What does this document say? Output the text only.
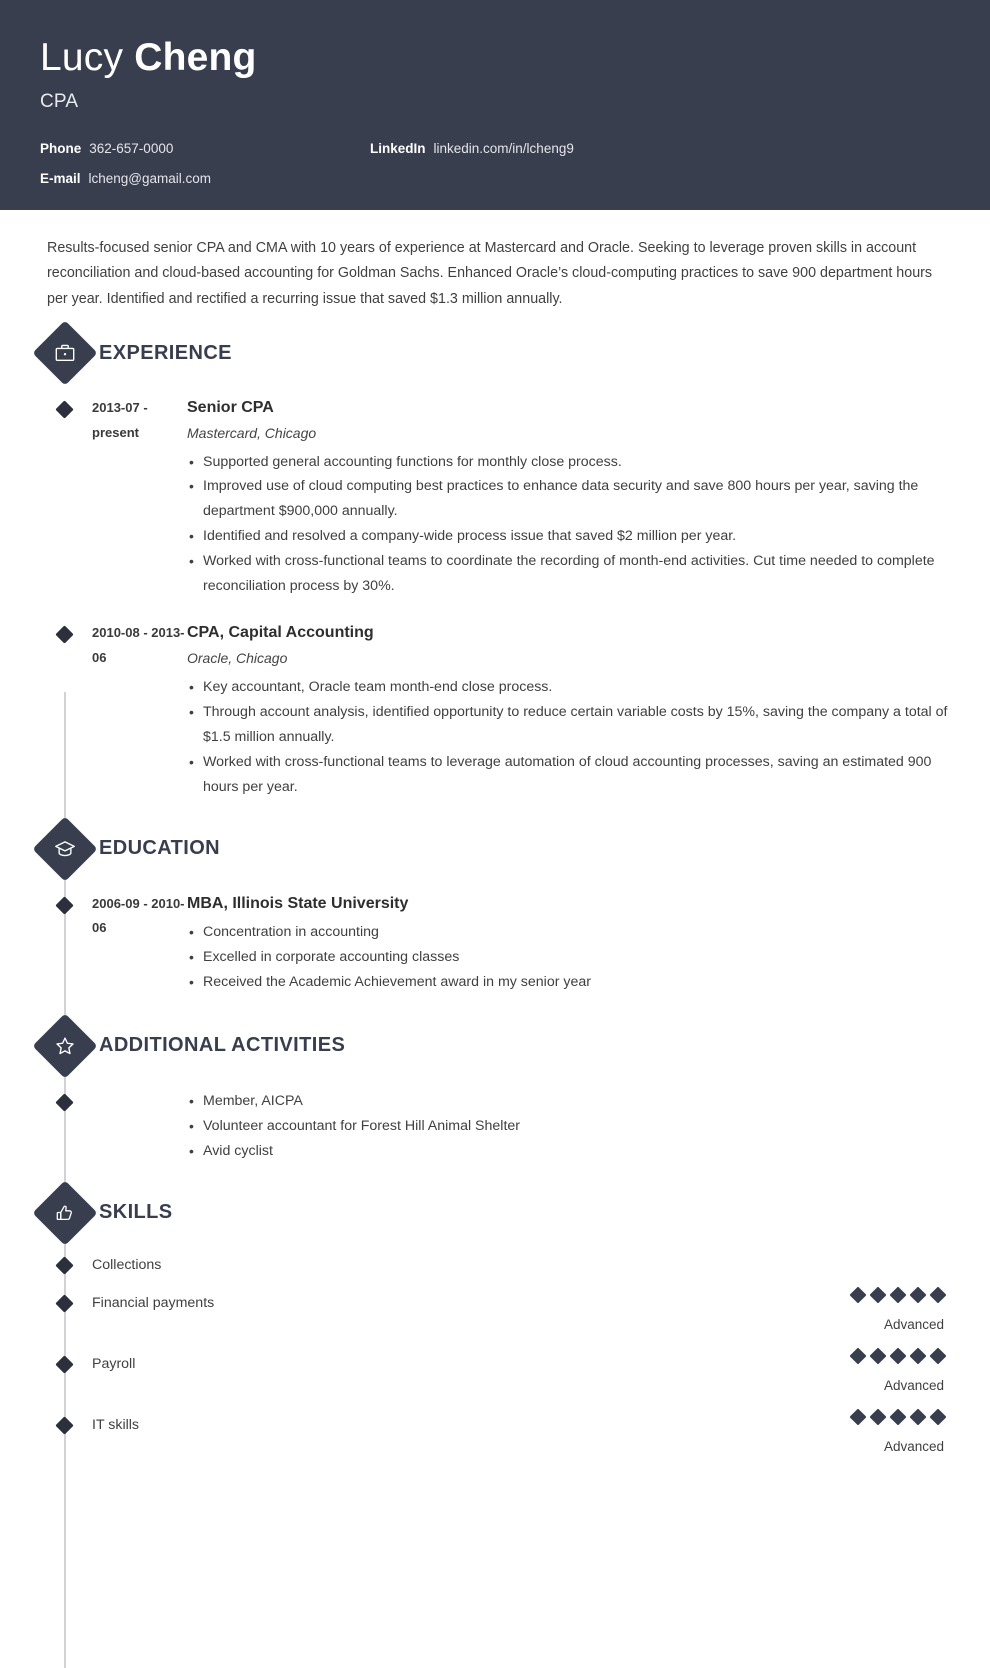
Lucy Cheng
CPA
Phone 362-657-0000	LinkedIn linkedin.com/in/lcheng9
E-mail lcheng@gamail.com
Results-focused senior CPA and CMA with 10 years of experience at Mastercard and Oracle. Seeking to leverage proven skills in account reconciliation and cloud-based accounting for Goldman Sachs. Enhanced Oracle’s cloud-computing practices to save 900 department hours per year. Identified and rectified a recurring issue that saved $1.3 million annually.
EXPERIENCE
2013-07 - present
Senior CPA
Mastercard, Chicago
• Supported general accounting functions for monthly close process.
• Improved use of cloud computing best practices to enhance data security and save 800 hours per year, saving the department $900,000 annually.
• Identified and resolved a company-wide process issue that saved $2 million per year.
• Worked with cross-functional teams to coordinate the recording of month-end activities. Cut time needed to complete reconciliation process by 30%.
2010-08 - 2013-06
CPA, Capital Accounting
Oracle, Chicago
• Key accountant, Oracle team month-end close process.
• Through account analysis, identified opportunity to reduce certain variable costs by 15%, saving the company a total of $1.5 million annually.
• Worked with cross-functional teams to leverage automation of cloud accounting processes, saving an estimated 900 hours per year.
EDUCATION
2006-09 - 2010-06
MBA, Illinois State University
• Concentration in accounting
• Excelled in corporate accounting classes
• Received the Academic Achievement award in my senior year
ADDITIONAL ACTIVITIES
• Member, AICPA
• Volunteer accountant for Forest Hill Animal Shelter
• Avid cyclist
SKILLS
Collections
Financial payments
Advanced
Payroll
Advanced
IT skills
Advanced
